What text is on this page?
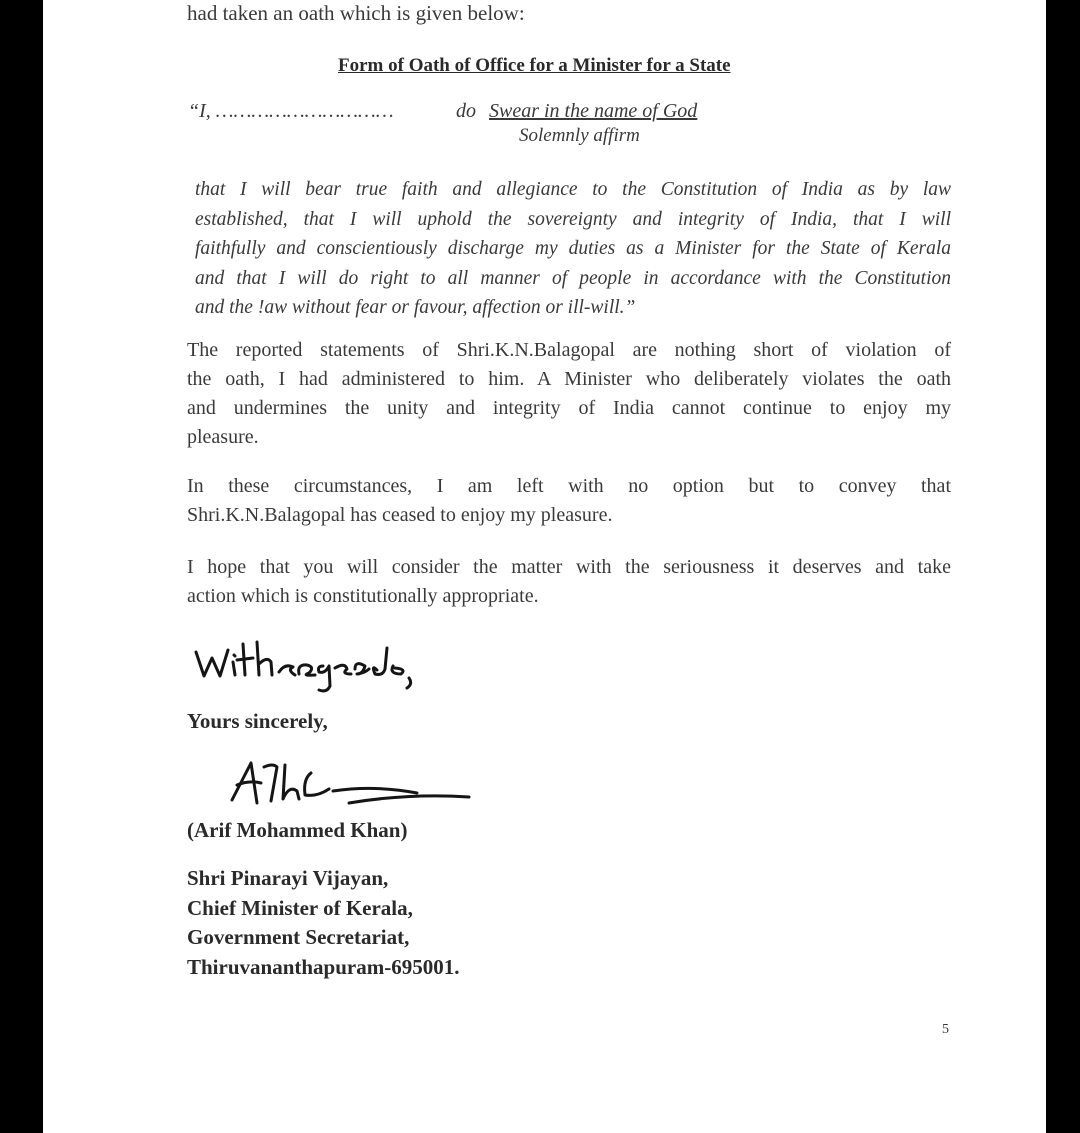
had taken an oath which is given below:

Form of Oath of Office for a Minister for a State

“I, …………………………	do Swear in the name of God
Solemnly affirm
that I will bear true faith and allegiance to the Constitution of India as by law
established, that I will uphold the sovereignty and integrity of India, that I will
faithfully and conscientiously discharge my duties as a Minister for the State of Kerala
and that I will do right to all manner of people in accordance with the Constitution
and the !aw without fear or favour, affection or ill-will.”
The reported statements of Shri.K.N.Balagopal are nothing short of violation of
the oath, I had administered to him. A Minister who deliberately violates the oath
and undermines the unity and integrity of India cannot continue to enjoy my
pleasure.
In these circumstances, I am left with no option but to convey that
Shri.K.N.Balagopal has ceased to enjoy my pleasure.
I hope that you will consider the matter with the seriousness it deserves and take
action which is constitutionally appropriate.

Yours sincerely,

(Arif Mohammed Khan)

Shri Pinarayi Vijayan,
Chief Minister of Kerala,
Government Secretariat,
Thiruvananthapuram-695001.

5
